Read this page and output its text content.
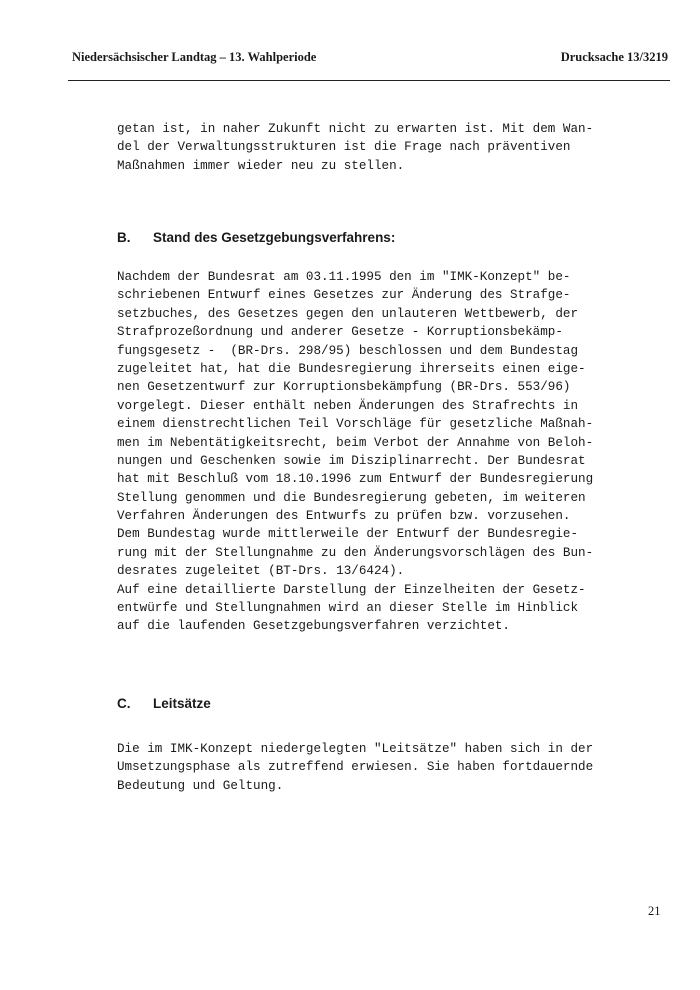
Niedersächsischer Landtag – 13. Wahlperiode	Drucksache 13/3219
getan ist, in naher Zukunft nicht zu erwarten ist. Mit dem Wan-
del der Verwaltungsstrukturen ist die Frage nach präventiven
Maßnahmen immer wieder neu zu stellen.
B. Stand des Gesetzgebungsverfahrens:
Nachdem der Bundesrat am 03.11.1995 den im "IMK-Konzept" be-
schriebenen Entwurf eines Gesetzes zur Änderung des Strafge-
setzbuches, des Gesetzes gegen den unlauteren Wettbewerb, der
Strafprozeßordnung und anderer Gesetze - Korruptionsbekämp-
fungsgesetz -  (BR-Drs. 298/95) beschlossen und dem Bundestag
zugeleitet hat, hat die Bundesregierung ihrerseits einen eige-
nen Gesetzentwurf zur Korruptionsbekämpfung (BR-Drs. 553/96)
vorgelegt. Dieser enthält neben Änderungen des Strafrechts in
einem dienstrechtlichen Teil Vorschläge für gesetzliche Maßnah-
men im Nebentätigkeitsrecht, beim Verbot der Annahme von Beloh-
nungen und Geschenken sowie im Disziplinarrecht. Der Bundesrat
hat mit Beschluß vom 18.10.1996 zum Entwurf der Bundesregierung
Stellung genommen und die Bundesregierung gebeten, im weiteren
Verfahren Änderungen des Entwurfs zu prüfen bzw. vorzusehen.
Dem Bundestag wurde mittlerweile der Entwurf der Bundesregie-
rung mit der Stellungnahme zu den Änderungsvorschlägen des Bun-
desrates zugeleitet (BT-Drs. 13/6424).
Auf eine detaillierte Darstellung der Einzelheiten der Gesetz-
entwürfe und Stellungnahmen wird an dieser Stelle im Hinblick
auf die laufenden Gesetzgebungsverfahren verzichtet.
C. Leitsätze
Die im IMK-Konzept niedergelegten "Leitsätze" haben sich in der
Umsetzungsphase als zutreffend erwiesen. Sie haben fortdauernde
Bedeutung und Geltung.
21
